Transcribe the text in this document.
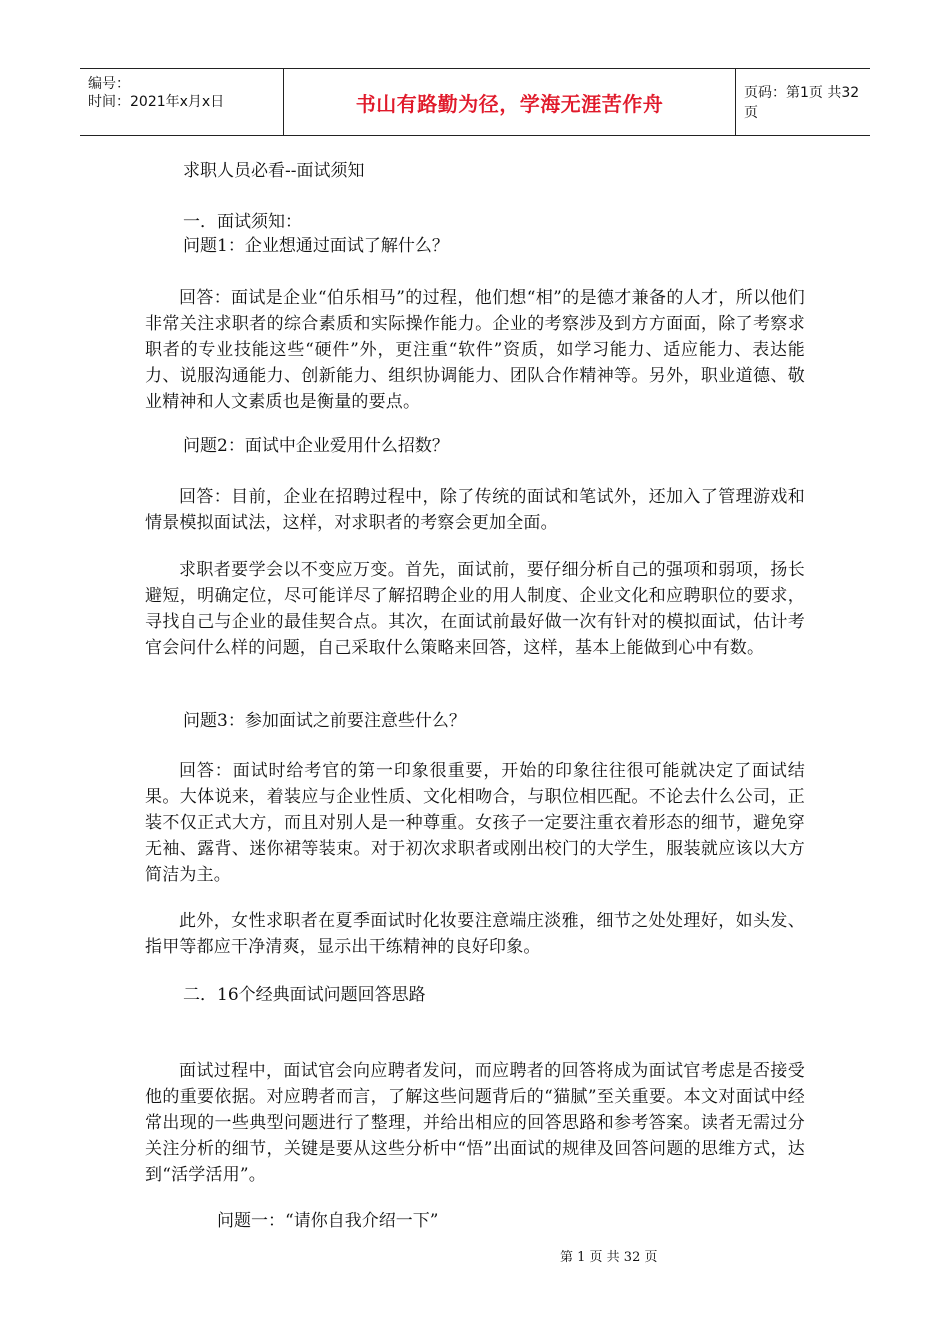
编号：
时间：2021年x月x日	书山有路勤为径，学海无涯苦作舟	页码：第1页 共32页
求职人员必看--面试须知
一．面试须知：
问题1：企业想通过面试了解什么？
回答：面试是企业“伯乐相马”的过程，他们想“相”的是德才兼备的人才，所以他们非常关注求职者的综合素质和实际操作能力。企业的考察涉及到方方面面，除了考察求职者的专业技能这些“硬件”外，更注重“软件”资质，如学习能力、适应能力、表达能力、说服沟通能力、创新能力、组织协调能力、团队合作精神等。另外，职业道德、敬业精神和人文素质也是衡量的要点。
问题2：面试中企业爱用什么招数？
回答：目前，企业在招聘过程中，除了传统的面试和笔试外，还加入了管理游戏和情景模拟面试法，这样，对求职者的考察会更加全面。
求职者要学会以不变应万变。首先，面试前，要仔细分析自己的强项和弱项，扬长避短，明确定位，尽可能详尽了解招聘企业的用人制度、企业文化和应聘职位的要求，寻找自己与企业的最佳契合点。其次，在面试前最好做一次有针对的模拟面试，估计考官会问什么样的问题，自己采取什么策略来回答，这样，基本上能做到心中有数。
问题3：参加面试之前要注意些什么？
回答：面试时给考官的第一印象很重要，开始的印象往往很可能就决定了面试结果。大体说来，着装应与企业性质、文化相吻合，与职位相匹配。不论去什么公司，正装不仅正式大方，而且对别人是一种尊重。女孩子一定要注重衣着形态的细节，避免穿无袖、露背、迷你裙等装束。对于初次求职者或刚出校门的大学生，服装就应该以大方简洁为主。
此外，女性求职者在夏季面试时化妆要注意端庄淡雅，细节之处处理好，如头发、指甲等都应干净清爽，显示出干练精神的良好印象。
二．16个经典面试问题回答思路
面试过程中，面试官会向应聘者发问，而应聘者的回答将成为面试官考虑是否接受他的重要依据。对应聘者而言，了解这些问题背后的“猫腻”至关重要。本文对面试中经常出现的一些典型问题进行了整理，并给出相应的回答思路和参考答案。读者无需过分关注分析的细节，关键是要从这些分析中“悟”出面试的规律及回答问题的思维方式，达到“活学活用”。
问题一：“请你自我介绍一下”
第 1 页 共 32 页
